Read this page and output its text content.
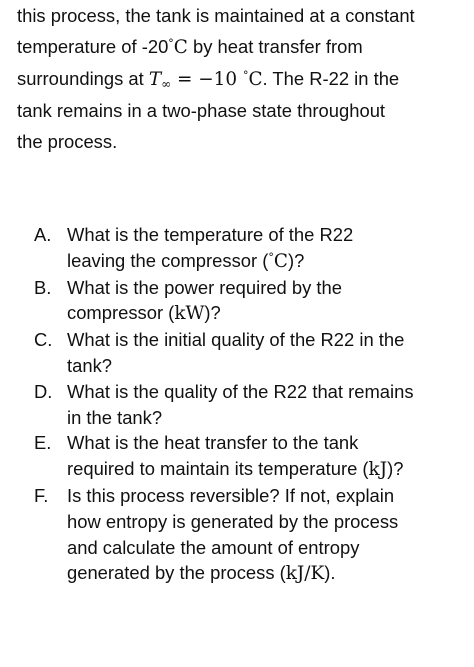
this process, the tank is maintained at a constant
temperature of -20°C by heat transfer from
surroundings at $T_\infty = -10$ °C. The R-22 in the
tank remains in a two-phase state throughout
the process.
A. What is the temperature of the R22
leaving the compressor (°C)?
B. What is the power required by the
compressor (kW)?
C. What is the initial quality of the R22 in the
tank?
D. What is the quality of the R22 that remains
in the tank?
E. What is the heat transfer to the tank
required to maintain its temperature (kJ)?
F.	Is this process reversible? If not, explain
how entropy is generated by the process
and calculate the amount of entropy
generated by the process (kJ/K).
